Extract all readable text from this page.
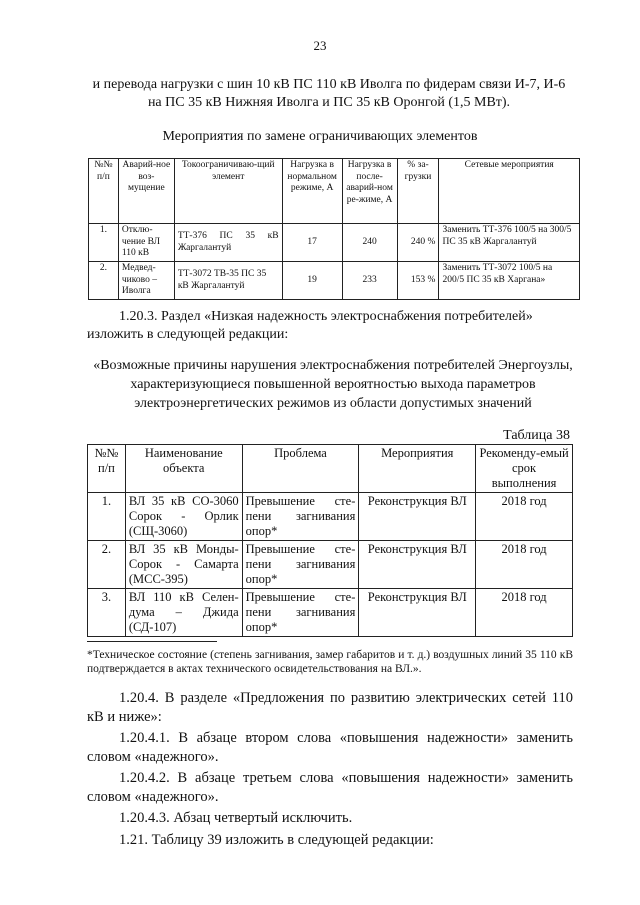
23
и перевода нагрузки с шин 10 кВ ПС 110 кВ Иволга по фидерам связи И-7, И-6 на ПС 35 кВ Нижняя Иволга и ПС 35 кВ Оронгой (1,5 МВт).
Мероприятия по замене ограничивающих элементов
№№ п/п	Аварий-ное воз-мущение	Токоограничиваю-щий элемент	Нагрузка в нормальном режиме, А	Нагрузка в после-аварий-ном ре-жиме, А	% за-грузки	Сетевые мероприятия
1.	Отклю-чение ВЛ 110 кВ	ТТ-376 ПС 35 кВ Жаргалантуй	17	240	240 %	Заменить ТТ-376 100/5 на 300/5 ПС 35 кВ Жаргалантуй
2.	Медвед-чиково – Иволга	ТТ-3072 ТВ-35 ПС 35 кВ Жаргалантуй	19	233	153 %	Заменить ТТ-3072 100/5 на 200/5 ПС 35 кВ Харгана»
1.20.3. Раздел «Низкая надежность электроснабжения потребителей» изложить в следующей редакции:
«Возможные причины нарушения электроснабжения потребителей Энергоузлы, характеризующиеся повышенной вероятностью выхода параметров электроэнергетических режимов из области допустимых значений
Таблица 38
№№ п/п	Наименование объекта	Проблема	Мероприятия	Рекоменду-емый срок выполнения
1.	ВЛ 35 кВ СО-3060 Сорок - Орлик (СЩ-3060)	Превышение сте-пени загнивания опор*	Реконструкция ВЛ	2018 год
2.	ВЛ 35 кВ Монды-Сорок - Самарта (МСС-395)	Превышение сте-пени загнивания опор*	Реконструкция ВЛ	2018 год
3.	ВЛ 110 кВ Селен-дума – Джида (СД-107)	Превышение сте-пени загнивания опор*	Реконструкция ВЛ	2018 год
*Техническое состояние (степень загнивания, замер габаритов и т. д.) воздушных линий 35 110 кВ подтверждается в актах технического освидетельствования на ВЛ.».

1.20.4. В разделе «Предложения по развитию электрических сетей 110 кВ и ниже»:

1.20.4.1. В абзаце втором слова «повышения надежности» заменить словом «надежного».

1.20.4.2. В абзаце третьем слова «повышения надежности» заменить словом «надежного».

1.20.4.3. Абзац четвертый исключить.

1.21. Таблицу 39 изложить в следующей редакции:
